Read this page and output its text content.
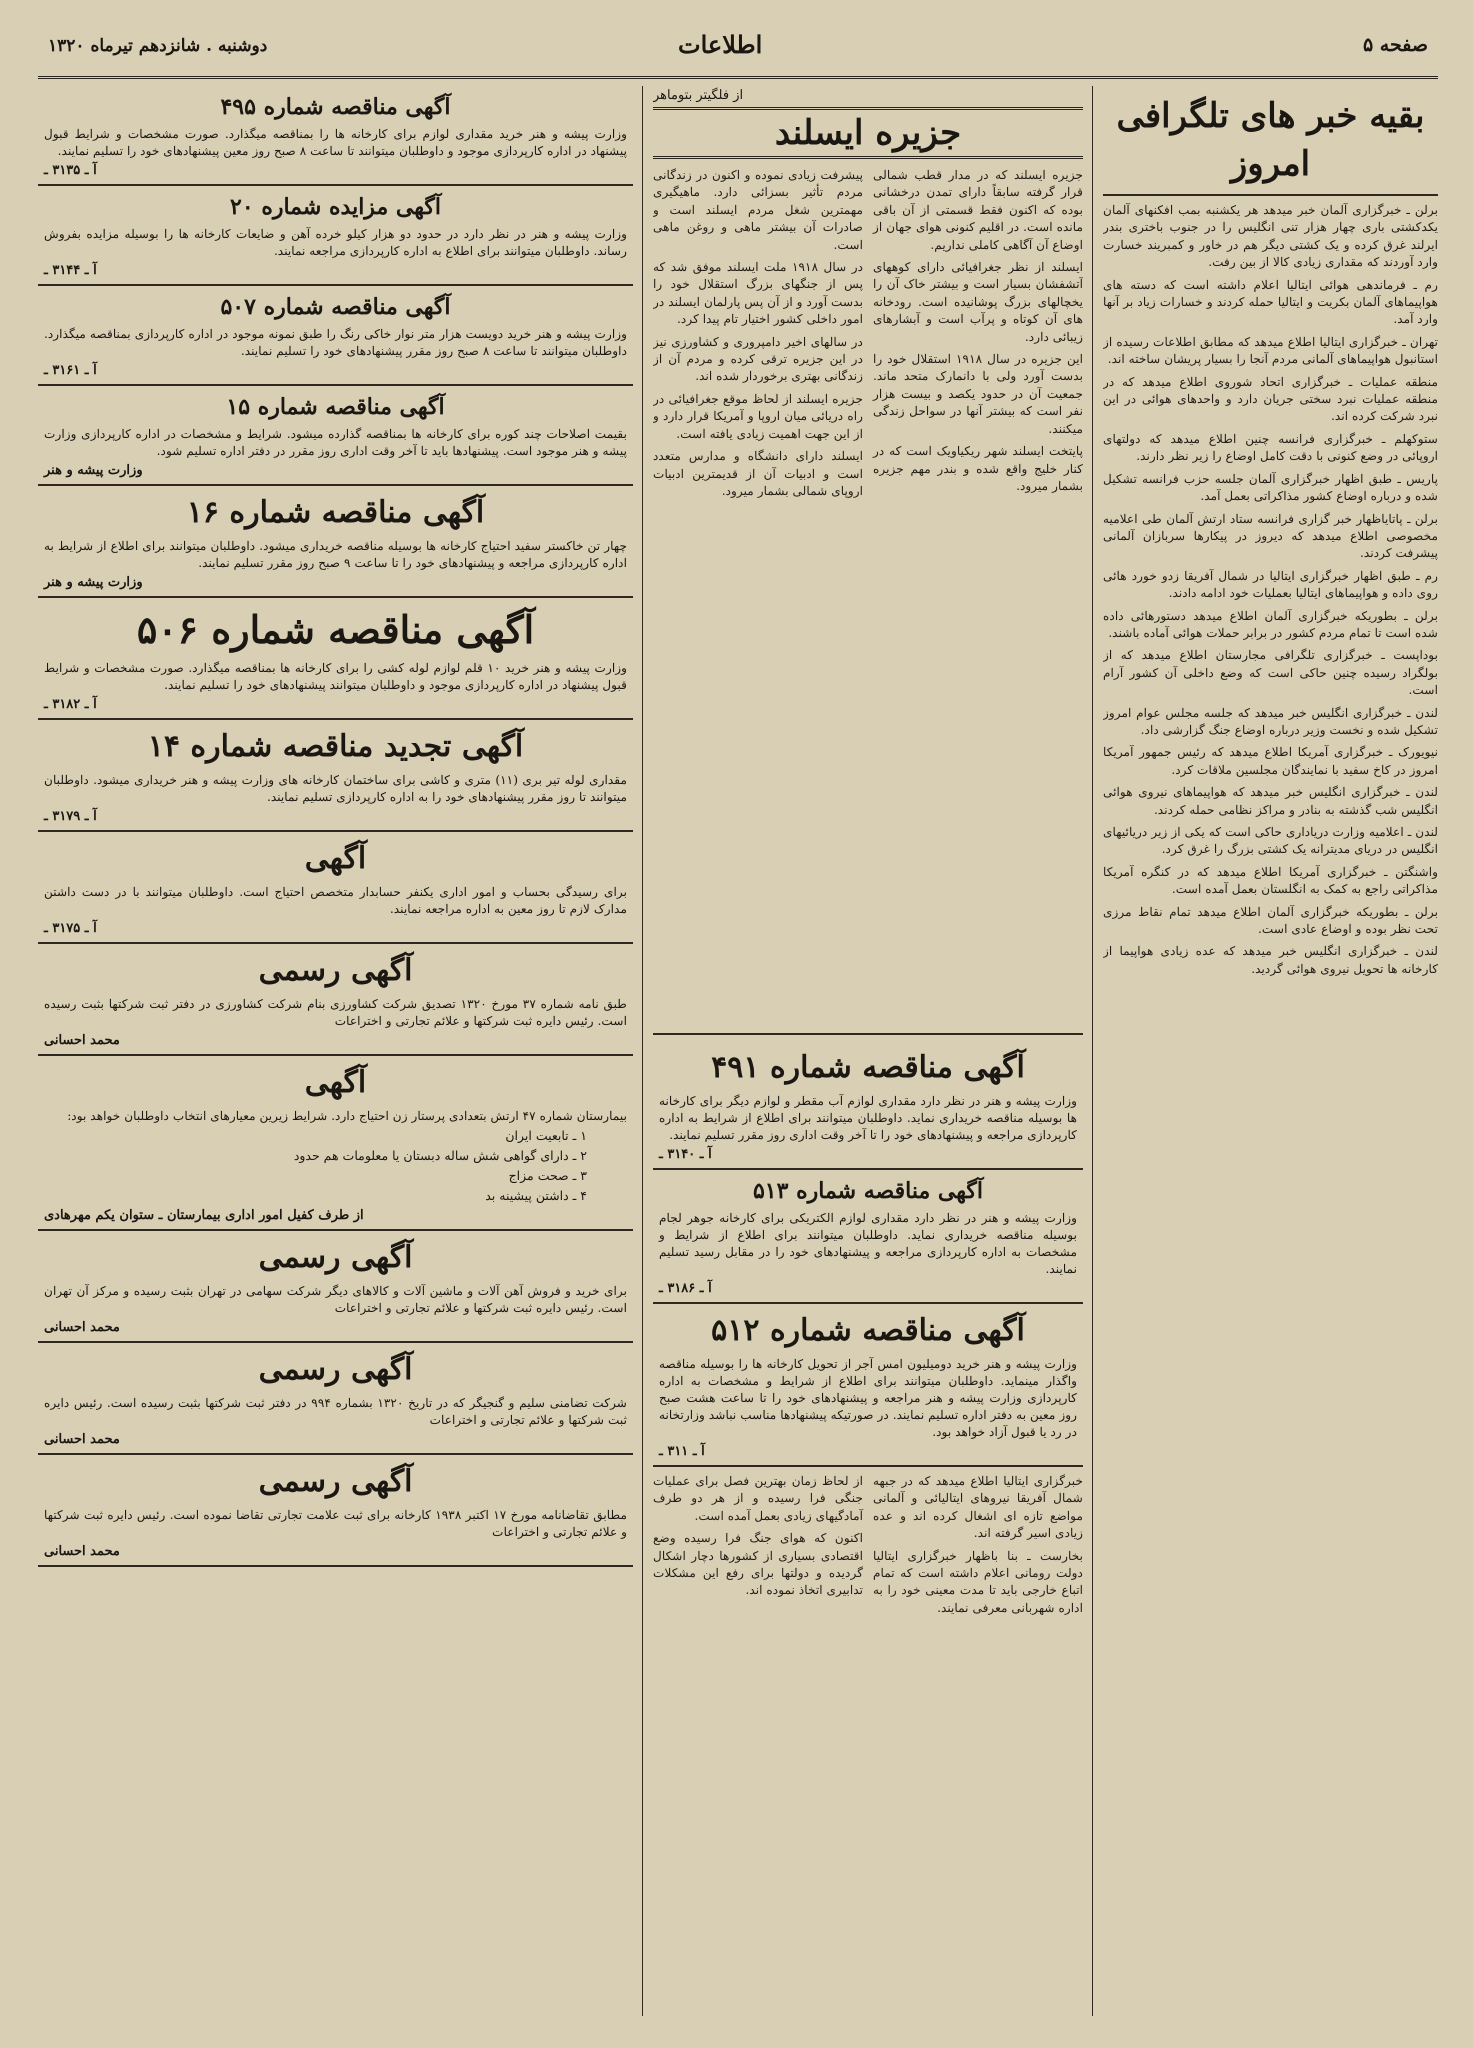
صفحه ۵
اطلاعات
دوشنبه . شانزدهم تیرماه ۱۳۲۰
بقیه خبر های تلگرافی امروز

برلن ـ خبرگزاری آلمان خبر میدهد هر یکشنبه بمب افکنهای آلمان یکدکشتی باری چهار هزار تنی انگلیس را در جنوب باختری بندر ایرلند غرق کرده و یک کشتی دیگر هم در خاور و کمبریند خسارت وارد آوردند که مقداری زیادی کالا از بین رفت.

رم ـ فرماندهی هوائی ایتالیا اعلام داشته است که دسته های هواپیماهای آلمان بکریت و ایتالیا حمله کردند و خسارات زیاد بر آنها وارد آمد.

تهران ـ خبرگزاری ایتالیا اطلاع میدهد که مطابق اطلاعات رسیده از استانبول هواپیماهای آلمانی مردم آنجا را بسیار پریشان ساخته اند.

منطقه عملیات ـ خبرگزاری اتحاد شوروی اطلاع میدهد که در منطقه عملیات نبرد سختی جریان دارد و واحدهای هوائی در این نبرد شرکت کرده اند.

ستوکهلم ـ خبرگزاری فرانسه چنین اطلاع میدهد که دولتهای اروپائی در وضع کنونی با دقت کامل اوضاع را زیر نظر دارند.

پاریس ـ طبق اظهار خبرگزاری آلمان جلسه حزب فرانسه تشکیل شده و درباره اوضاع کشور مذاکراتی بعمل آمد.

برلن ـ پاتایاظهار خبر گزاری فرانسه ستاد ارتش آلمان طی اعلامیه مخصوصی اطلاع میدهد که دیروز در پیکارها سربازان آلمانی پیشرفت کردند.

رم ـ طبق اظهار خبرگزاری ایتالیا در شمال آفریقا زدو خورد هائی روی داده و هواپیماهای ایتالیا بعملیات خود ادامه دادند.

برلن ـ بطوریکه خبرگزاری آلمان اطلاع میدهد دستورهائی داده شده است تا تمام مردم کشور در برابر حملات هوائی آماده باشند.

بوداپست ـ خبرگزاری تلگرافی مجارستان اطلاع میدهد که از بولگراد رسیده چنین حاکی است که وضع داخلی آن کشور آرام است.

لندن ـ خبرگزاری انگلیس خبر میدهد که جلسه مجلس عوام امروز تشکیل شده و نخست وزیر درباره اوضاع جنگ گزارشی داد.

نیویورک ـ خبرگزاری آمریکا اطلاع میدهد که رئیس جمهور آمریکا امروز در کاخ سفید با نمایندگان مجلسین ملاقات کرد.

لندن ـ خبرگزاری انگلیس خبر میدهد که هواپیماهای نیروی هوائی انگلیس شب گذشته به بنادر و مراکز نظامی حمله کردند.

لندن ـ اعلامیه وزارت دریاداری حاکی است که یکی از زیر دریائیهای انگلیس در دریای مدیترانه یک کشتی بزرگ را غرق کرد.

واشنگتن ـ خبرگزاری آمریکا اطلاع میدهد که در کنگره آمریکا مذاکراتی راجع به کمک به انگلستان بعمل آمده است.

برلن ـ بطوریکه خبرگزاری آلمان اطلاع میدهد تمام نقاط مرزی تحت نظر بوده و اوضاع عادی است.

لندن ـ خبرگزاری انگلیس خبر میدهد که عده زیادی هواپیما از کارخانه ها تحویل نیروی هوائی گردید.

از فلگیتر بتوماهر
جزیره ایسلند

جزیره ایسلند که در مدار قطب شمالی قرار گرفته سابقاً دارای تمدن درخشانی بوده که اکنون فقط قسمتی از آن باقی مانده است. در اقلیم کنونی هوای جهان از اوضاع آن آگاهی کاملی نداریم.

ایسلند از نظر جغرافیائی دارای کوههای آتشفشان بسیار است و بیشتر خاک آن را یخچالهای بزرگ پوشانیده است. رودخانه های آن کوتاه و پرآب است و آبشارهای زیبائی دارد.

این جزیره در سال ۱۹۱۸ استقلال خود را بدست آورد ولی با دانمارک متحد ماند. جمعیت آن در حدود یکصد و بیست هزار نفر است که بیشتر آنها در سواحل زندگی میکنند.

پایتخت ایسلند شهر ریکیاویک است که در کنار خلیج واقع شده و بندر مهم جزیره بشمار میرود.

پیشرفت زیادی نموده و اکنون در زندگانی مردم تأثیر بسزائی دارد. ماهیگیری مهمترین شغل مردم ایسلند است و صادرات آن بیشتر ماهی و روغن ماهی است.

در سال ۱۹۱۸ ملت ایسلند موفق شد که پس از جنگهای بزرگ استقلال خود را بدست آورد و از آن پس پارلمان ایسلند در امور داخلی کشور اختیار تام پیدا کرد.

در سالهای اخیر دامپروری و کشاورزی نیز در این جزیره ترقی کرده و مردم آن از زندگانی بهتری برخوردار شده اند.

جزیره ایسلند از لحاظ موقع جغرافیائی در راه دریائی میان اروپا و آمریکا قرار دارد و از این جهت اهمیت زیادی یافته است.

ایسلند دارای دانشگاه و مدارس متعدد است و ادبیات آن از قدیمترین ادبیات اروپای شمالی بشمار میرود.

آگهی مناقصه شماره ۴۹۱

وزارت پیشه و هنر در نظر دارد مقداری لوازم آب مقطر و لوازم دیگر برای کارخانه ها بوسیله مناقصه خریداری نماید. داوطلبان میتوانند برای اطلاع از شرایط به اداره کارپردازی مراجعه و پیشنهادهای خود را تا آخر وقت اداری روز مقرر تسلیم نمایند.

آ ـ ۳۱۴۰ ـ
آگهی مناقصه شماره ۵۱۳

وزارت پیشه و هنر در نظر دارد مقداری لوازم الکتریکی برای کارخانه جوهر لجام بوسیله مناقصه خریداری نماید. داوطلبان میتوانند برای اطلاع از شرایط و مشخصات به اداره کارپردازی مراجعه و پیشنهادهای خود را در مقابل رسید تسلیم نمایند.

آ ـ ۳۱۸۶ ـ
آگهی مناقصه شماره ۵۱۲

وزارت پیشه و هنر خرید دومیلیون امس آجر از تحویل کارخانه ها را بوسیله مناقصه واگذار مینماید. داوطلبان میتوانند برای اطلاع از شرایط و مشخصات به اداره کارپردازی وزارت پیشه و هنر مراجعه و پیشنهادهای خود را تا ساعت هشت صبح روز معین به دفتر اداره تسلیم نمایند. در صورتیکه پیشنهادها مناسب نباشد وزارتخانه در رد یا قبول آزاد خواهد بود.

آ ـ ۳۱۱ ـ

خبرگزاری ایتالیا اطلاع میدهد که در جبهه شمال آفریقا نیروهای ایتالیائی و آلمانی مواضع تازه ای اشغال کرده اند و عده زیادی اسیر گرفته اند.

بخارست ـ بنا باظهار خبرگزاری ایتالیا دولت رومانی اعلام داشته است که تمام اتباع خارجی باید تا مدت معینی خود را به اداره شهربانی معرفی نمایند.

از لحاظ زمان بهترین فصل برای عملیات جنگی فرا رسیده و از هر دو طرف آمادگیهای زیادی بعمل آمده است.

اکنون که هوای جنگ فرا رسیده وضع اقتصادی بسیاری از کشورها دچار اشکال گردیده و دولتها برای رفع این مشکلات تدابیری اتخاذ نموده اند.

آگهی مناقصه شماره ۴۹۵

وزارت پیشه و هنر خرید مقداری لوازم برای کارخانه ها را بمناقصه میگذارد. صورت مشخصات و شرایط قبول پیشنهاد در اداره کارپردازی موجود و داوطلبان میتوانند تا ساعت ۸ صبح روز معین پیشنهادهای خود را تسلیم نمایند.

آ ـ ۳۱۳۵ ـ
آگهی مزایده شماره ۲۰

وزارت پیشه و هنر در نظر دارد در حدود دو هزار کیلو خرده آهن و ضایعات کارخانه ها را بوسیله مزایده بفروش رساند. داوطلبان میتوانند برای اطلاع به اداره کارپردازی مراجعه نمایند.

آ ـ ۳۱۴۴ ـ
آگهی مناقصه شماره ۵۰۷

وزارت پیشه و هنر خرید دویست هزار متر نوار خاکی رنگ را طبق نمونه موجود در اداره کارپردازی بمناقصه میگذارد. داوطلبان میتوانند تا ساعت ۸ صبح روز مقرر پیشنهادهای خود را تسلیم نمایند.

آ ـ ۳۱۶۱ ـ
آگهی مناقصه شماره ۱۵

بقیمت اصلاحات چند کوره برای کارخانه ها بمناقصه گذارده میشود. شرایط و مشخصات در اداره کارپردازی وزارت پیشه و هنر موجود است. پیشنهادها باید تا آخر وقت اداری روز مقرر در دفتر اداره تسلیم شود.

وزارت پیشه و هنر
آگهی مناقصه شماره ۱۶

چهار تن خاکستر سفید احتیاج کارخانه ها بوسیله مناقصه خریداری میشود. داوطلبان میتوانند برای اطلاع از شرایط به اداره کارپردازی مراجعه و پیشنهادهای خود را تا ساعت ۹ صبح روز مقرر تسلیم نمایند.

وزارت پیشه و هنر
آگهی مناقصه شماره ۵۰۶

وزارت پیشه و هنر خرید ۱۰ قلم لوازم لوله کشی را برای کارخانه ها بمناقصه میگذارد. صورت مشخصات و شرایط قبول پیشنهاد در اداره کارپردازی موجود و داوطلبان میتوانند پیشنهادهای خود را تسلیم نمایند.

آ ـ ۳۱۸۲ ـ
آگهی تجدید مناقصه شماره ۱۴

مقداری لوله تیر بری (۱۱) متری و کاشی برای ساختمان کارخانه های وزارت پیشه و هنر خریداری میشود. داوطلبان میتوانند تا روز مقرر پیشنهادهای خود را به اداره کارپردازی تسلیم نمایند.

آ ـ ۳۱۷۹ ـ
آگهی

برای رسیدگی بحساب و امور اداری یکنفر حسابدار متخصص احتیاج است. داوطلبان میتوانند با در دست داشتن مدارک لازم تا روز معین به اداره مراجعه نمایند.

آ ـ ۳۱۷۵ ـ
آگهی رسمی

طبق نامه شماره ۳۷ مورخ ۱۳۲۰ تصدیق شرکت کشاورزی بنام شرکت کشاورزی در دفتر ثبت شرکتها بثبت رسیده است. رئیس دایره ثبت شرکتها و علائم تجارتی و اختراعات

محمد احسانی
آگهی

بیمارستان شماره ۴۷ ارتش بتعدادی پرستار زن احتیاج دارد. شرایط زیرین معیارهای انتخاب داوطلبان خواهد بود:

۱ ـ تابعیت ایران
۲ ـ دارای گواهی شش ساله دبستان یا معلومات هم حدود
۳ ـ صحت مزاج
۴ ـ داشتن پیشینه بد
از طرف کفیل امور اداری بیمارستان ـ ستوان یکم مهرهادی
آگهی رسمی

برای خرید و فروش آهن آلات و ماشین آلات و کالاهای دیگر شرکت سهامی در تهران بثبت رسیده و مرکز آن تهران است. رئیس دایره ثبت شرکتها و علائم تجارتی و اختراعات

محمد احسانی
آگهی رسمی

شرکت تضامنی سلیم و گنجیگر که در تاریخ ۱۳۲۰ بشماره ۹۹۴ در دفتر ثبت شرکتها بثبت رسیده است. رئیس دایره ثبت شرکتها و علائم تجارتی و اختراعات

محمد احسانی
آگهی رسمی

مطابق تقاضانامه مورخ ۱۷ اکتبر ۱۹۳۸ کارخانه برای ثبت علامت تجارتی تقاضا نموده است. رئیس دایره ثبت شرکتها و علائم تجارتی و اختراعات

محمد احسانی
